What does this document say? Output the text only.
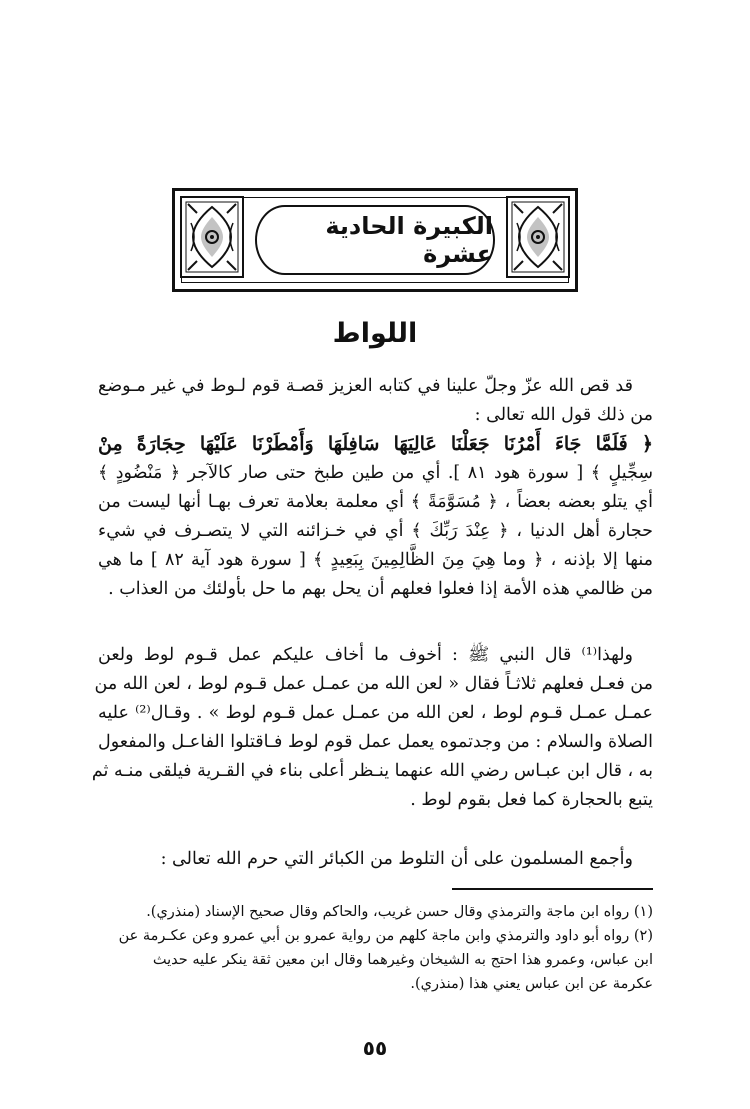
الكبيرة الحادية عشرة
اللواط
قد قص الله عزّ وجلّ علينا في كتابه العزيز قصـة قوم لـوط في غير مـوضع
من ذلك قول الله تعالى :
﴿ فَلَمَّا جَاءَ أَمْرُنَا جَعَلْنَا عَالِيَهَا سَافِلَهَا وَأَمْطَرْنَا عَلَيْهَا حِجَارَةً مِنْ
سِجِّيلٍ ﴾ [ سورة هود ٨١ ]. أي من طين طبخ حتى صار كالآجر ﴿ مَنْضُودٍ ﴾
أي يتلو بعضه بعضاً ، ﴿ مُسَوَّمَةً ﴾ أي معلمة بعلامة تعرف بهـا أنها ليست من
حجارة أهل الدنيا ، ﴿ عِنْدَ رَبِّكَ ﴾ أي في خـزائنه التي لا يتصـرف في شيء
منها إلا بإذنه ، ﴿ وما هِيَ مِنَ الظَّالِمِينَ بِبَعِيدٍ ﴾ [ سورة هود آية ٨٢ ] ما هي
من ظالمي هذه الأمة إذا فعلوا فعلهم أن يحل بهم ما حل بأولئك من العذاب .
ولهذا⁽¹⁾ قال النبي ﷺ : أخوف ما أخاف عليكم عمل قـوم لوط ولعن
من فعـل فعلهم ثلاثـاً فقال « لعن الله من عمـل عمل قـوم لوط ، لعن الله من
عمـل عمـل قـوم لوط ، لعن الله من عمـل عمل قـوم لوط » . وقـال⁽²⁾ عليه
الصلاة والسلام : من وجدتموه يعمل عمل قوم لوط فـاقتلوا الفاعـل والمفعول
به ، قال ابن عبـاس رضي الله عنهما ينـظر أعلى بناء في القـرية فيلقى منـه ثم
يتبع بالحجارة كما فعل بقوم لوط .
وأجمع المسلمون على أن التلوط من الكبائر التي حرم الله تعالى :
(١) رواه ابن ماجة والترمذي وقال حسن غريب، والحاكم وقال صحيح الإسناد (منذري).
(٢) رواه أبو داود والترمذي وابن ماجة كلهم من رواية عمرو بن أبي عمرو وعن عكـرمة عن
ابن عباس، وعمرو هذا احتج به الشيخان وغيرهما وقال ابن معين ثقة ينكر عليه حديث
عكرمة عن ابن عباس يعني هذا (منذري).
٥٥
